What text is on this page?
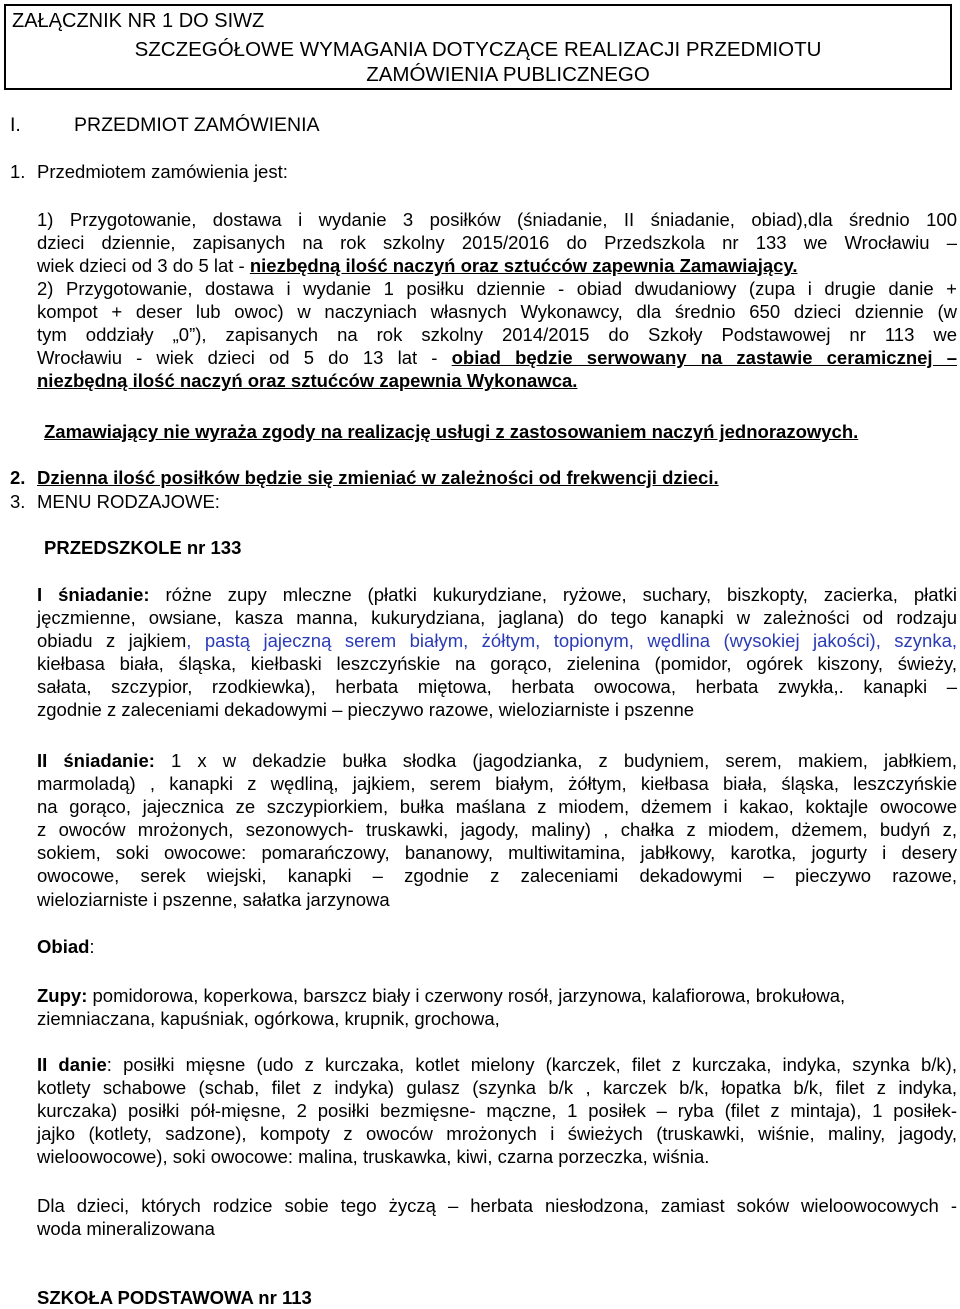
ZAŁĄCZNIK NR 1 DO SIWZ
SZCZEGÓŁOWE WYMAGANIA DOTYCZĄCE REALIZACJI PRZEDMIOTU
ZAMÓWIENIA PUBLICZNEGO
I.	PRZEDMIOT ZAMÓWIENIA
1. Przedmiotem zamówienia jest:
1) Przygotowanie, dostawa i wydanie 3 posiłków (śniadanie, II śniadanie, obiad),dla średnio 100
dzieci dziennie, zapisanych na rok szkolny 2015/2016 do Przedszkola nr 133 we Wrocławiu –
wiek dzieci od 3 do 5 lat - niezbędną ilość naczyń oraz sztućców zapewnia Zamawiający.
2) Przygotowanie, dostawa i wydanie 1 posiłku dziennie - obiad dwudaniowy (zupa i drugie danie +
kompot + deser lub owoc) w naczyniach własnych Wykonawcy, dla średnio 650 dzieci dziennie (w
tym oddziały „0”), zapisanych na rok szkolny 2014/2015 do Szkoły Podstawowej nr 113 we
Wrocławiu - wiek dzieci od 5 do 13 lat - obiad będzie serwowany na zastawie ceramicznej –
niezbędną ilość naczyń oraz sztućców zapewnia Wykonawca.
Zamawiający nie wyraża zgody na realizację usługi z zastosowaniem naczyń jednorazowych.
2. Dzienna ilość posiłków będzie się zmieniać w zależności od frekwencji dzieci.
3. MENU RODZAJOWE:
PRZEDSZKOLE nr 133
I śniadanie: różne zupy mleczne (płatki kukurydziane, ryżowe, suchary, biszkopty, zacierka, płatki
jęczmienne, owsiane, kasza manna, kukurydziana, jaglana) do tego kanapki w zależności od rodzaju
obiadu z jajkiem, pastą jajeczną serem białym, żółtym, topionym, wędlina (wysokiej jakości), szynka,
kiełbasa biała, śląska, kiełbaski leszczyńskie na gorąco, zielenina (pomidor, ogórek kiszony, świeży,
sałata, szczypior, rzodkiewka), herbata miętowa, herbata owocowa, herbata zwykła,. kanapki –
zgodnie z zaleceniami dekadowymi – pieczywo razowe, wieloziarniste i pszenne
II śniadanie: 1 x w dekadzie bułka słodka (jagodzianka, z budyniem, serem, makiem, jabłkiem,
marmoladą) , kanapki z wędliną, jajkiem, serem białym, żółtym, kiełbasa biała, śląska, leszczyńskie
na gorąco, jajecznica ze szczypiorkiem, bułka maślana z miodem, dżemem i kakao, koktajle owocowe
z owoców mrożonych, sezonowych- truskawki, jagody, maliny) , chałka z miodem, dżemem, budyń z,
sokiem, soki owocowe: pomarańczowy, bananowy, multiwitamina, jabłkowy, karotka, jogurty i desery
owocowe, serek wiejski, kanapki – zgodnie z zaleceniami dekadowymi – pieczywo razowe,
wieloziarniste i pszenne, sałatka jarzynowa
Obiad:
Zupy: pomidorowa, koperkowa, barszcz biały i czerwony rosół, jarzynowa, kalafiorowa, brokułowa,
ziemniaczana, kapuśniak, ogórkowa, krupnik, grochowa,
II danie: posiłki mięsne (udo z kurczaka, kotlet mielony (karczek, filet z kurczaka, indyka, szynka b/k),
kotlety schabowe (schab, filet z indyka) gulasz (szynka b/k , karczek b/k, łopatka b/k, filet z indyka,
kurczaka) posiłki pół-mięsne, 2 posiłki bezmięsne- mączne, 1 posiłek – ryba (filet z mintaja), 1 posiłek-
jajko (kotlety, sadzone), kompoty z owoców mrożonych i świeżych (truskawki, wiśnie, maliny, jagody,
wieloowocowe), soki owocowe: malina, truskawka, kiwi, czarna porzeczka, wiśnia.
Dla dzieci, których rodzice sobie tego życzą – herbata niesłodzona, zamiast soków wieloowocowych -
woda mineralizowana
SZKOŁA PODSTAWOWA nr 113
